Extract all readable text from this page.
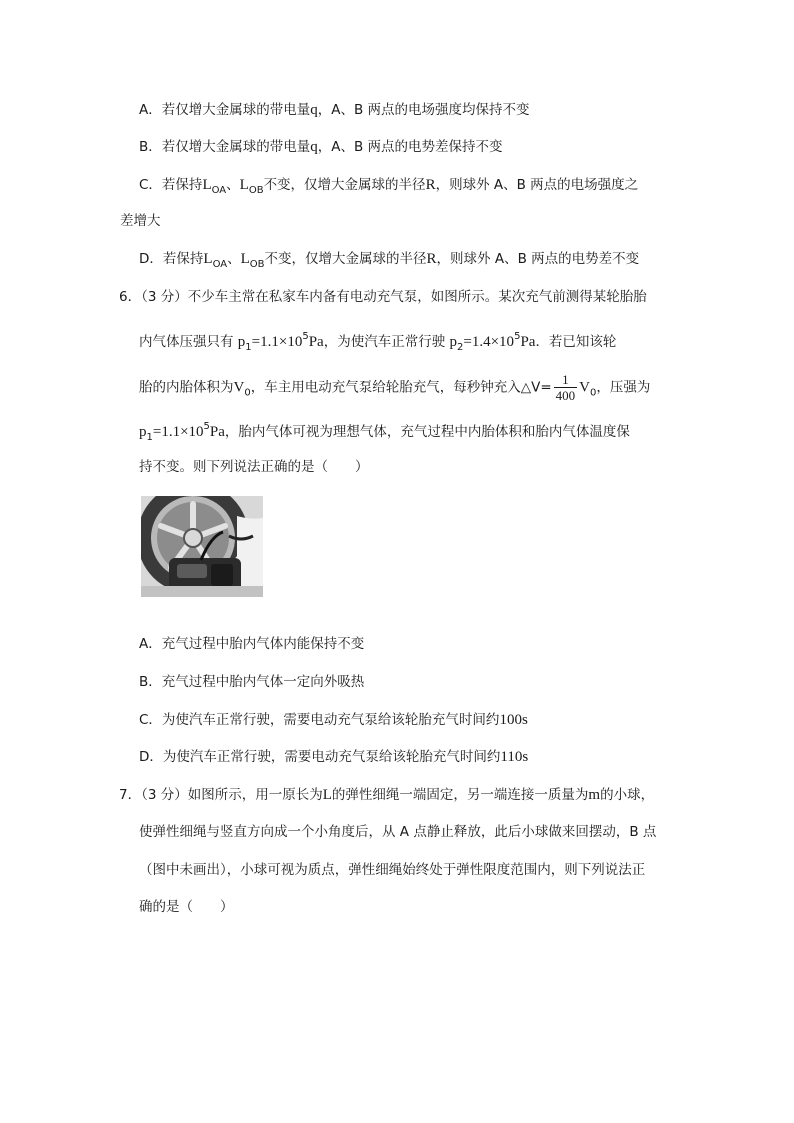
A．若仅增大金属球的带电量q，A、B 两点的电场强度均保持不变
B．若仅增大金属球的带电量q，A、B 两点的电势差保持不变
C．若保持$L_{OA}$、$L_{OB}$不变，仅增大金属球的半径R，则球外 A、B 两点的电场强度之
差增大
D．若保持$L_{OA}$、$L_{OB}$不变，仅增大金属球的半径R，则球外 A、B 两点的电势差不变
6．（3 分）不少车主常在私家车内备有电动充气泵，如图所示。某次充气前测得某轮胎胎
内气体压强只有 $p_1=1.1\times 10^5Pa$，为使汽车正常行驶 $p_2=1.4\times 10^5Pa$．若已知该轮
胎的内胎体积为$V_0$，车主用电动充气泵给轮胎充气，每秒钟充入△V= $\frac{1}{400} V_0$，压强为
$p_1=1.1\times 10^5Pa$，胎内气体可视为理想气体，充气过程中内胎体积和胎内气体温度保
持不变。则下列说法正确的是（　　）
A．充气过程中胎内气体内能保持不变
B．充气过程中胎内气体一定向外吸热
C．为使汽车正常行驶，需要电动充气泵给该轮胎充气时间约100s
D．为使汽车正常行驶，需要电动充气泵给该轮胎充气时间约110s
7．（3 分）如图所示，用一原长为L的弹性细绳一端固定，另一端连接一质量为m的小球，
使弹性细绳与竖直方向成一个小角度后，从 A 点静止释放，此后小球做来回摆动，B 点
（图中未画出），小球可视为质点，弹性细绳始终处于弹性限度范围内，则下列说法正
确的是（　　）
